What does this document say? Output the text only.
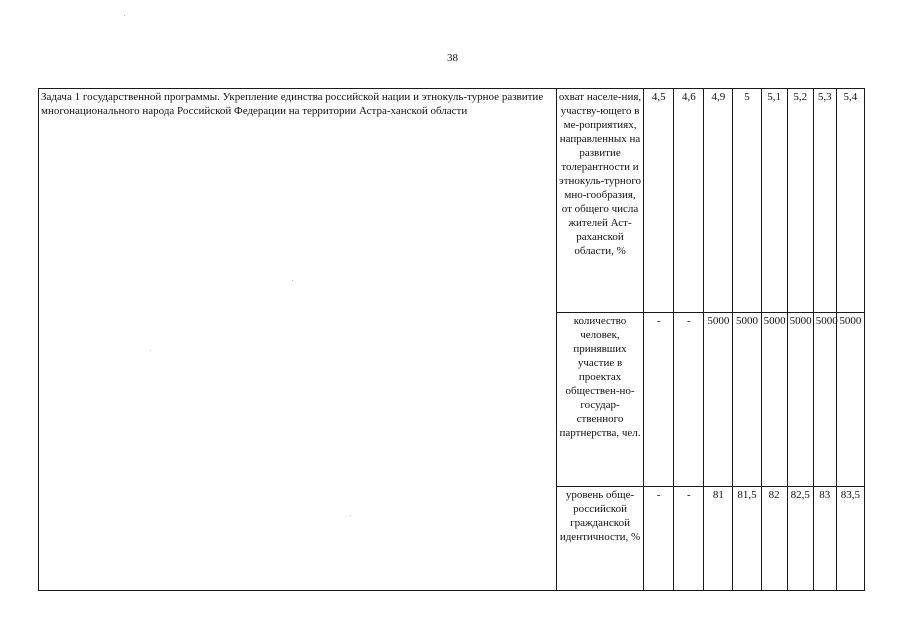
38
Задача 1 государственной программы. Укрепление единства российской нации и этнокуль-турное развитие многонационального народа Российской Федерации на территории Астра-ханской области	охват населе-ния, участву-ющего в ме-роприятиях, направленных на развитие толерантности и этнокуль-турного мно-гообразия, от общего числа жителей Аст-раханской области, %	4,5	4,6	4,9	5	5,1	5,2	5,3	5,4
	количество человек, принявших участие в проектах обществен-но-государ-ственного партнерства, чел.	-	-	5000	5000	5000	5000	5000	5000
	уровень обще-российской гражданской идентичности, %	-	-	81	81,5	82	82,5	83	83,5
